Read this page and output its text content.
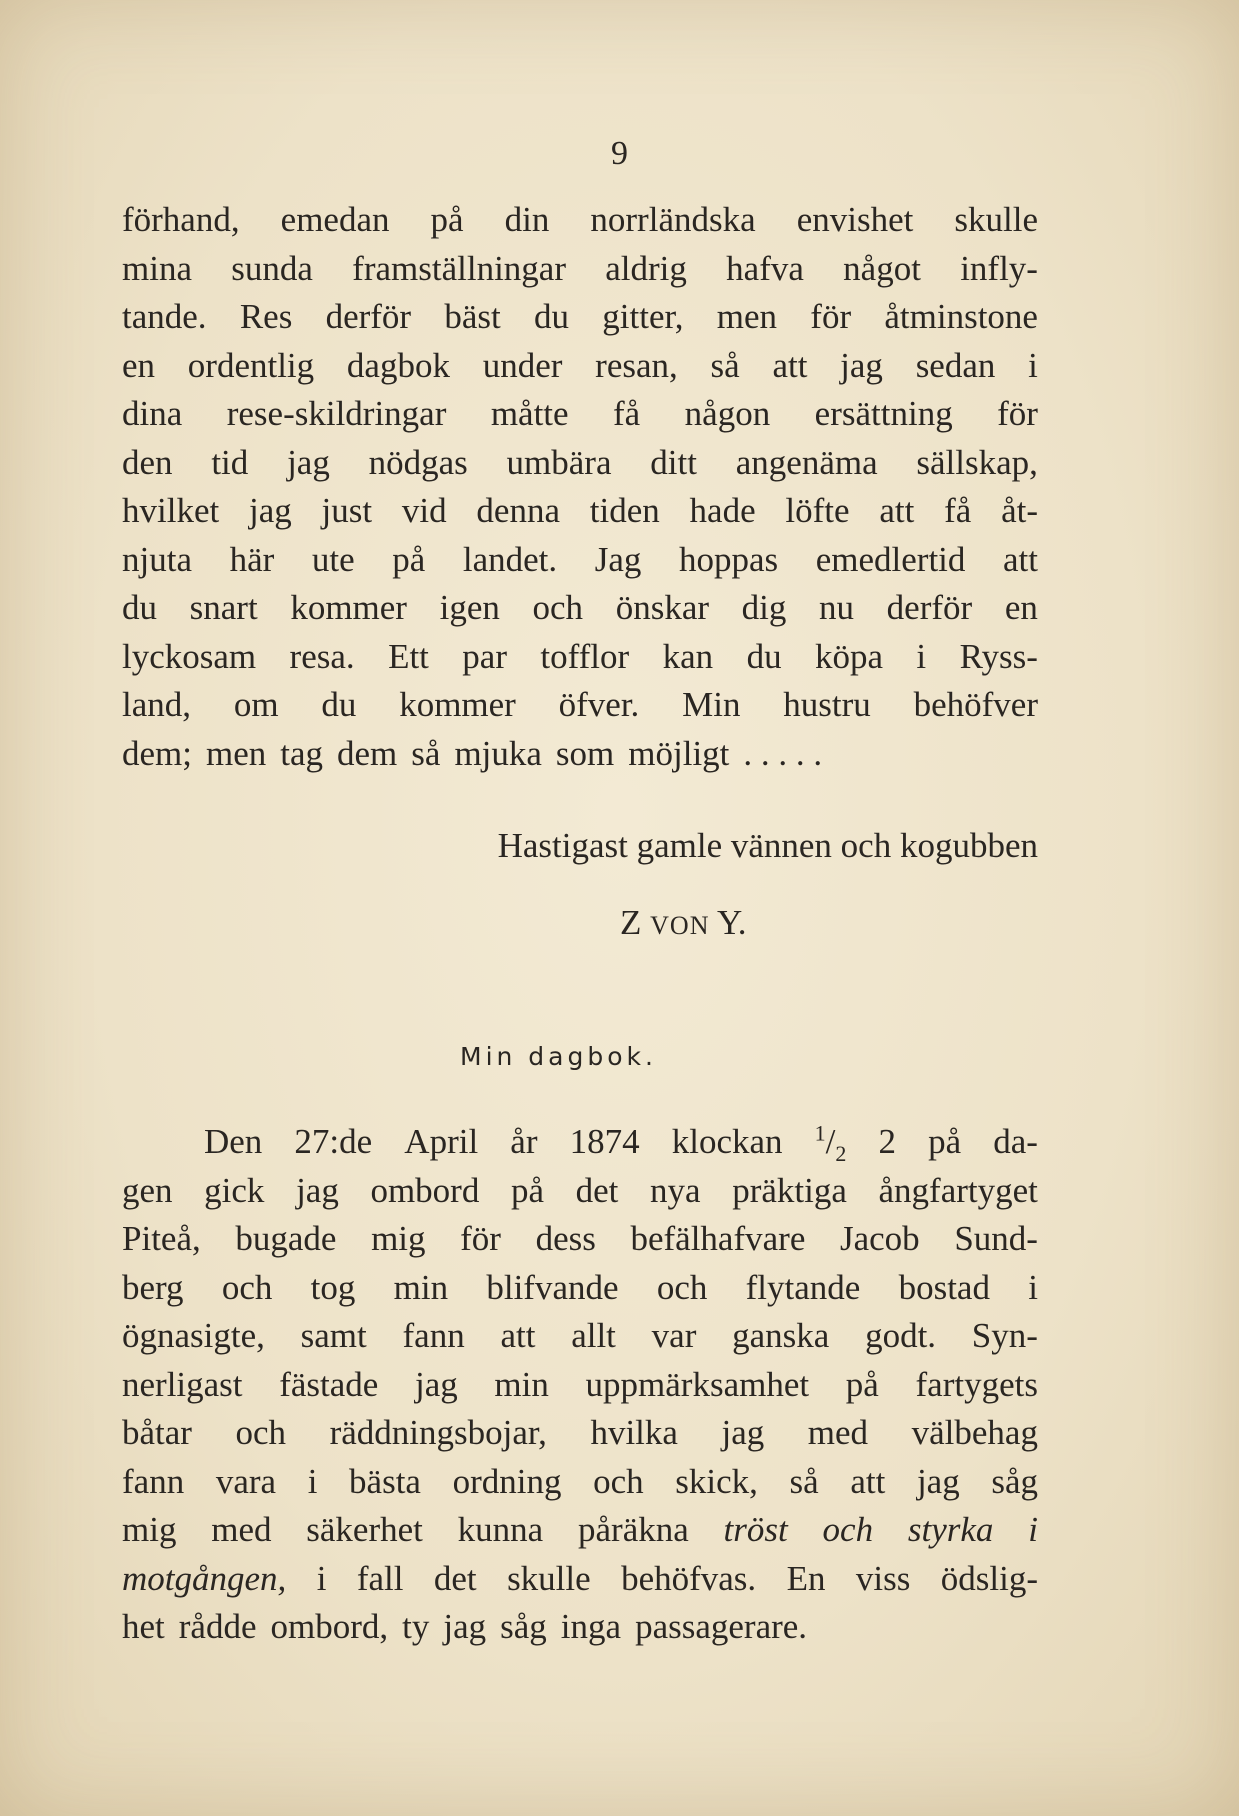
9
förhand, emedan på din norrländska envishet skulle
mina sunda framställningar aldrig hafva något infly-
tande. Res derför bäst du gitter, men för åtminstone
en ordentlig dagbok under resan, så att jag sedan i
dina rese-skildringar måtte få någon ersättning för
den tid jag nödgas umbära ditt angenäma sällskap,
hvilket jag just vid denna tiden hade löfte att få åt-
njuta här ute på landet. Jag hoppas emedlertid att
du snart kommer igen och önskar dig nu derför en
lyckosam resa. Ett par tofflor kan du köpa i Ryss-
land, om du kommer öfver. Min hustru behöfver
dem; men tag dem så mjuka som möjligt . . . . .
Hastigast gamle vännen och kogubben
Z VON Y.
Min dagbok.
Den 27:de April år 1874 klockan $^1/_2$ 2 på da-
gen gick jag ombord på det nya präktiga ångfartyget
Piteå, bugade mig för dess befälhafvare Jacob Sund-
berg och tog min blifvande och flytande bostad i
ögnasigte, samt fann att allt var ganska godt. Syn-
nerligast fästade jag min uppmärksamhet på fartygets
båtar och räddningsbojar, hvilka jag med välbehag
fann vara i bästa ordning och skick, så att jag såg
mig med säkerhet kunna påräkna tröst och styrka i
motgången, i fall det skulle behöfvas. En viss ödslig-
het rådde ombord, ty jag såg inga passagerare.
